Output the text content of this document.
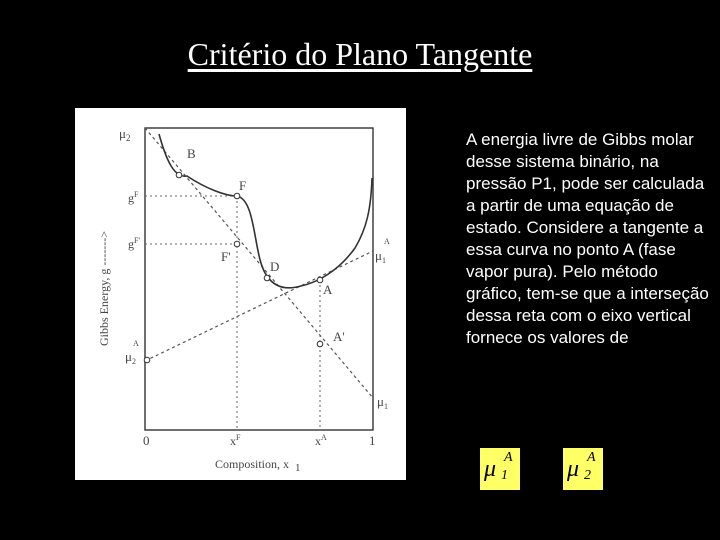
Critério do Plano Tangente
B
F
F'
D
A
A'
$\mu_2$
$g^F$
$g^{F'}$
$\mu_2$
A
$\mu_1$
A
$\mu_1$
Gibbs Energy, g ------->
0	$x^F$	$x^A$	1
Composition, x 1
A energia livre de Gibbs molar desse sistema binário, na pressão P1, pode ser calculada a partir de uma equação de estado. Considere a tangente a essa curva no ponto A (fase vapor pura). Pelo método gráfico, tem-se que a interseção dessa reta com o eixo vertical fornece os valores de
μ A
1 μ A
2
